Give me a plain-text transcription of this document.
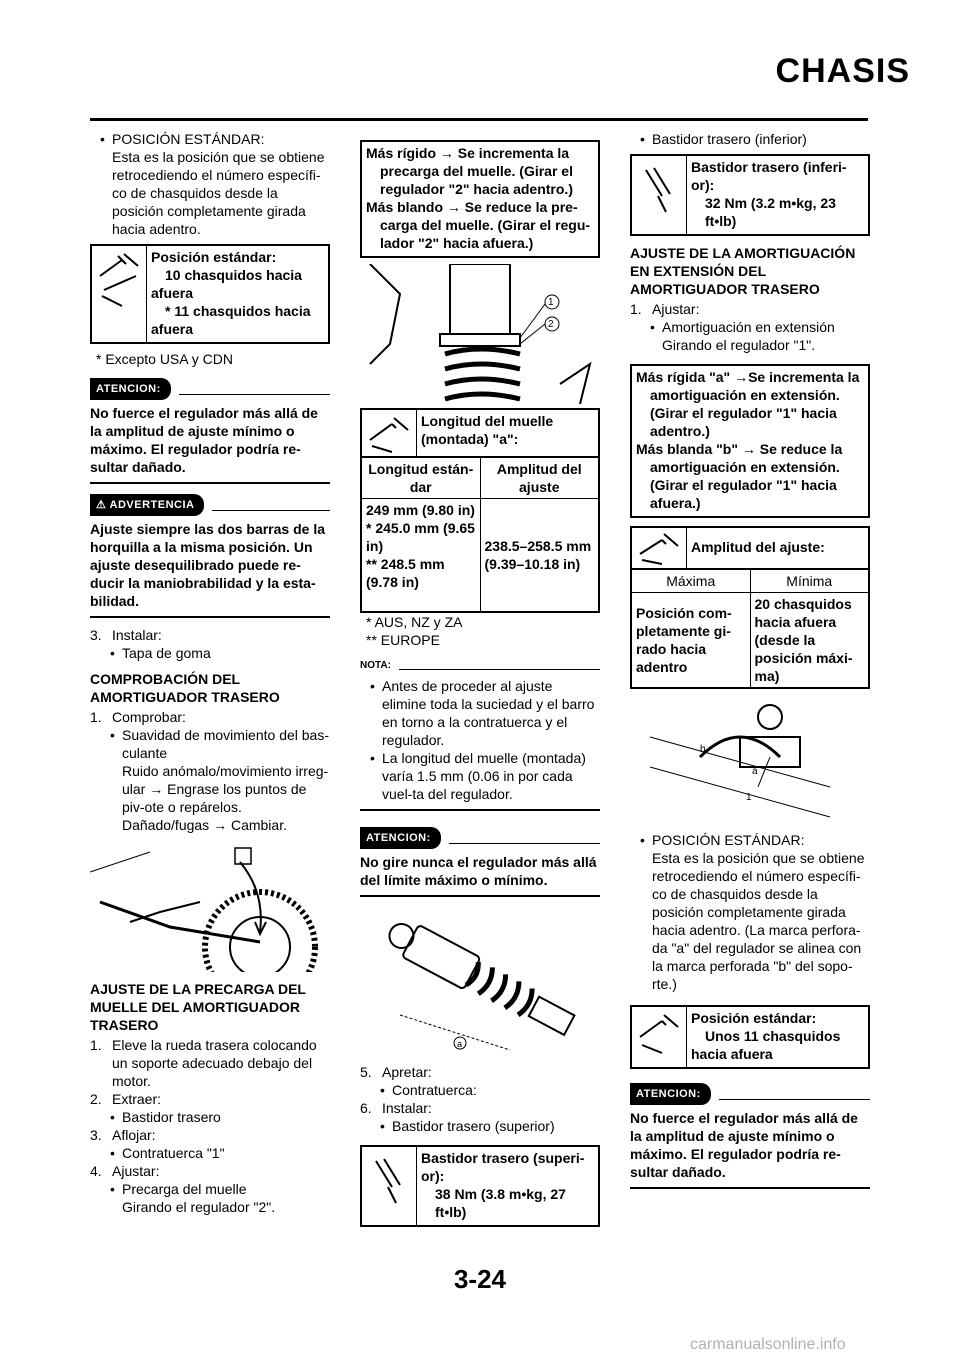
CHASIS

• POSICIÓN ESTÁNDAR:

Esta es la posición que se obtiene retrocediendo el número específi-co de chasquidos desde la posición completamente girada hacia adentro.

Posición estándar:
10 chasquidos hacia
afuera
* 11 chasquidos hacia
afuera

* Excepto USA y CDN

ATENCION:
No fuerce el regulador más allá de la amplitud de ajuste mínimo o máximo. El regulador podría re-sultar dañado.
⚠ ADVERTENCIA
Ajuste siempre las dos barras de la horquilla a la misma posición. Un ajuste desequilibrado puede re-ducir la maniobrabilidad y la esta-bilidad.

3. Instalar:

• Tapa de goma

COMPROBACIÓN DEL AMORTIGUADOR TRASERO

1. Comprobar:

• Suavidad de movimiento del bas-culante

Ruido anómalo/movimiento irreg-ular → Engrase los puntos de piv-ote o repárelos.

Dañado/fugas → Cambiar.

AJUSTE DE LA PRECARGA DEL MUELLE DEL AMORTIGUADOR TRASERO

1. Eleve la rueda trasera colocando un soporte adecuado debajo del motor.

2. Extraer:

• Bastidor trasero

3. Aflojar:

• Contratuerca "1"

4. Ajustar:

• Precarga del muelle

Girando el regulador "2".

Más rígido → Se incrementa la
precarga del muelle. (Girar el regulador "2" hacia adentro.)
Más blando → Se reduce la pre-
carga del muelle. (Girar el regu-lador "2" hacia afuera.)
1
2
Longitud del muelle (montada) "a":
Longitud están-dar	Amplitud del ajuste
249 mm (9.80 in)
* 245.0 mm (9.65 in)
** 248.5 mm (9.78 in)	238.5–258.5 mm (9.39–10.18 in)

* AUS, NZ y ZA

** EUROPE

NOTA:

• Antes de proceder al ajuste elimine toda la suciedad y el barro en torno a la contratuerca y el regulador.

• La longitud del muelle (montada) varía 1.5 mm (0.06 in por cada vuel-ta del regulador.

ATENCION:
No gire nunca el regulador más allá del límite máximo o mínimo.
a

5. Apretar:

• Contratuerca:

6. Instalar:

• Bastidor trasero (superior)

Bastidor trasero (superi-or):
38 Nm (3.8 m•kg, 27 ft•lb)

• Bastidor trasero (inferior)

Bastidor trasero (inferi-or):
32 Nm (3.2 m•kg, 23 ft•lb)
AJUSTE DE LA AMORTIGUACIÓN EN EXTENSIÓN DEL AMORTIGUADOR TRASERO

1. Ajustar:

• Amortiguación en extensión

Girando el regulador "1".

Más rígida "a" →Se incrementa la
amortiguación en extensión. (Girar el regulador "1" hacia adentro.)
Más blanda "b" → Se reduce la
amortiguación en extensión. (Girar el regulador "1" hacia afuera.)
Amplitud del ajuste:
Máxima	Mínima
Posición com-pletamente gi-rado hacia adentro	20 chasquidos hacia afuera (desde la posición máxi-ma)
b
a
1

• POSICIÓN ESTÁNDAR:

Esta es la posición que se obtiene retrocediendo el número específi-co de chasquidos desde la posición completamente girada hacia adentro. (La marca perfora-da "a" del regulador se alinea con la marca perforada "b" del sopo-rte.)

Posición estándar:
Unos 11 chasquidos
hacia afuera
ATENCION:
No fuerce el regulador más allá de la amplitud de ajuste mínimo o máximo. El regulador podría re-sultar dañado.
3-24
carmanualsonline.info
